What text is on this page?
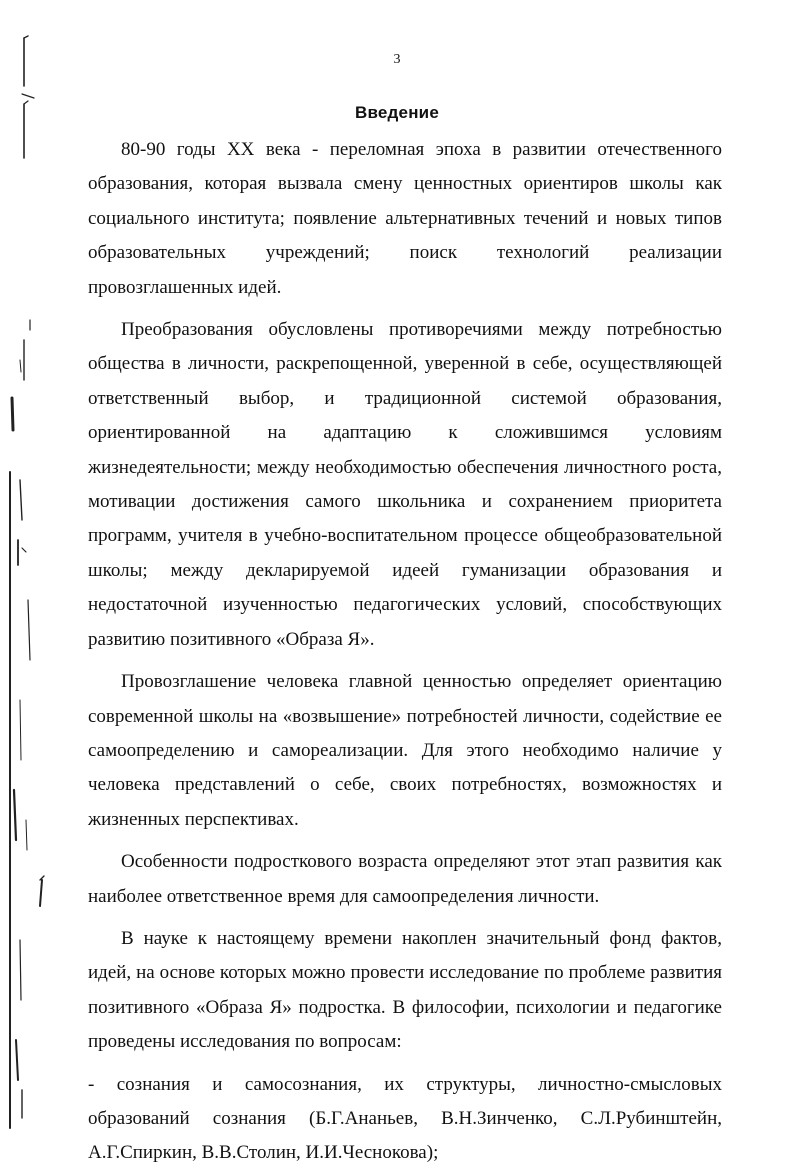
3
Введение

80-90 годы XX века - переломная эпоха в развитии отечественного образования, которая вызвала смену ценностных ориентиров школы как социального института; появление альтернативных течений и новых типов образовательных учреждений; поиск технологий реализации провозглашенных идей.

Преобразования обусловлены противоречиями между потребностью общества в личности, раскрепощенной, уверенной в себе, осуществляющей ответственный выбор, и традиционной системой образования, ориентированной на адаптацию к сложившимся условиям жизнедеятельности; между необходимостью обеспечения личностного роста, мотивации достижения самого школьника и сохранением приоритета программ, учителя в учебно-воспитательном процессе общеобразовательной школы; между декларируемой идеей гуманизации образования и недостаточной изученностью педагогических условий, способствующих развитию позитивного «Образа Я».

Провозглашение человека главной ценностью определяет ориентацию современной школы на «возвышение» потребностей личности, содействие ее самоопределению и самореализации. Для этого необходимо наличие у человека представлений о себе, своих потребностях, возможностях и жизненных перспективах.

Особенности подросткового возраста определяют этот этап развития как наиболее ответственное время для самоопределения личности.

В науке к настоящему времени накоплен значительный фонд фактов, идей, на основе которых можно провести исследование по проблеме развития позитивного «Образа Я» подростка. В философии, психологии и педагогике проведены исследования по вопросам:

- сознания и самосознания, их структуры, личностно-смысловых образований сознания (Б.Г.Ананьев, В.Н.Зинченко, С.Л.Рубинштейн, А.Г.Спиркин, В.В.Столин, И.И.Чеснокова);
